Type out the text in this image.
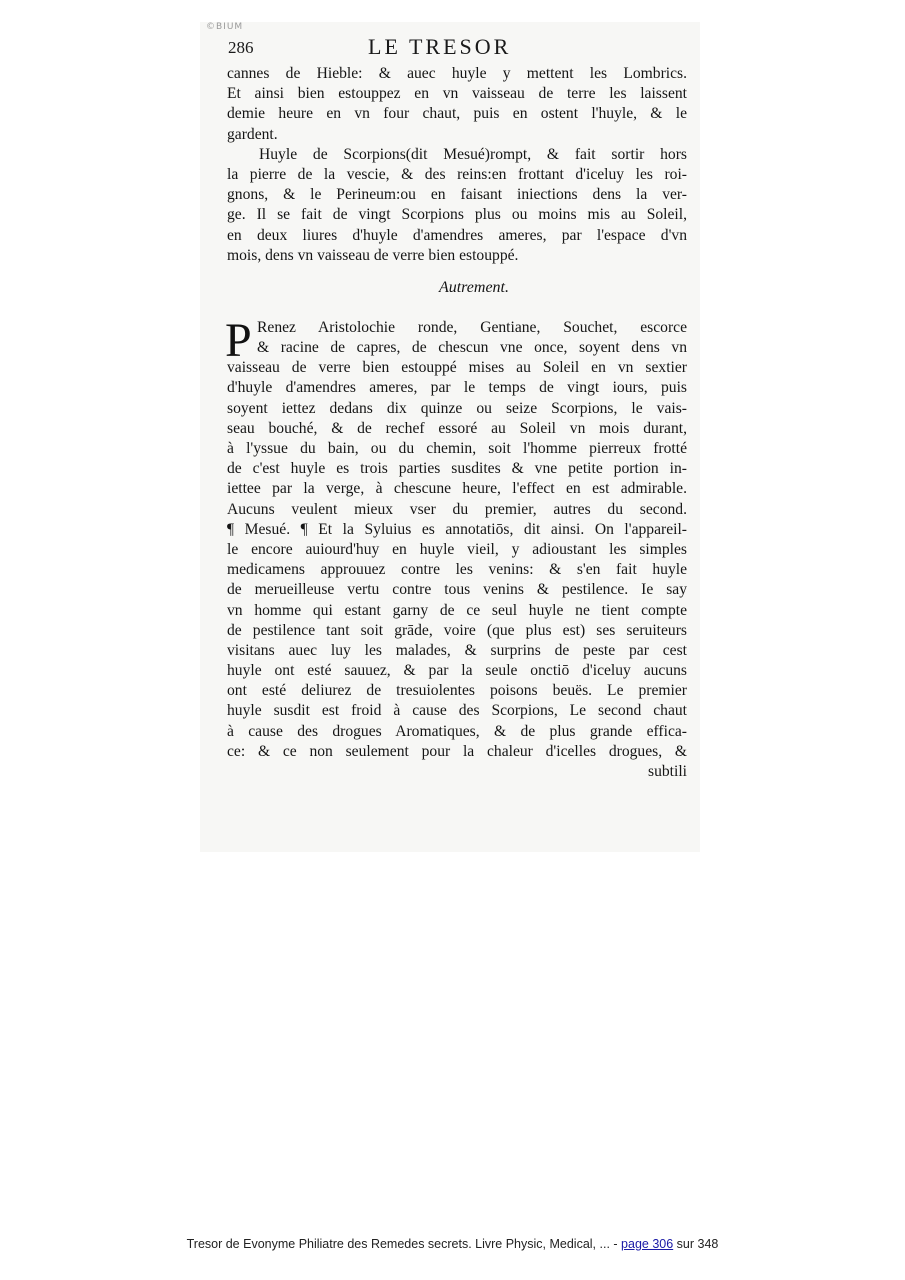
©BIUM
286	LE TRESOR
cannes de Hieble: & auec huyle y mettent les Lombrics.
Et ainsi bien estouppez en vn vaisseau de terre les laissent
demie heure en vn four chaut, puis en ostent l'huyle, & le
gardent.
Huyle de Scorpions(dit Mesué)rompt, & fait sortir hors
la pierre de la vescie, & des reins:en frottant d'iceluy les roi-
gnons, & le Perineum:ou en faisant iniections dens la ver-
ge. Il se fait de vingt Scorpions plus ou moins mis au Soleil,
en deux liures d'huyle d'amendres ameres, par l'espace d'vn
mois, dens vn vaisseau de verre bien estouppé.
Autrement.
P Renez Aristolochie ronde, Gentiane, Souchet, escorce
& racine de capres, de chescun vne once, soyent dens vn
vaisseau de verre bien estouppé mises au Soleil en vn sextier
d'huyle d'amendres ameres, par le temps de vingt iours, puis
soyent iettez dedans dix quinze ou seize Scorpions, le vais-
seau bouché, & de rechef essoré au Soleil vn mois durant,
à l'yssue du bain, ou du chemin, soit l'homme pierreux frotté
de c'est huyle es trois parties susdites & vne petite portion in-
iettee par la verge, à chescune heure, l'effect en est admirable.
Aucuns veulent mieux vser du premier, autres du second.
¶ Mesué. ¶ Et la Syluius es annotatiōs, dit ainsi. On l'appareil-
le encore auiourd'huy en huyle vieil, y adioustant les simples
medicamens approuuez contre les venins: & s'en fait huyle
de merueilleuse vertu contre tous venins & pestilence. Ie say
vn homme qui estant garny de ce seul huyle ne tient compte
de pestilence tant soit grāde, voire (que plus est) ses seruiteurs
visitans auec luy les malades, & surprins de peste par cest
huyle ont esté sauuez, & par la seule onctiō d'iceluy aucuns
ont esté deliurez de tresuiolentes poisons beuës. Le premier
huyle susdit est froid à cause des Scorpions, Le second chaut
à cause des drogues Aromatiques, & de plus grande effica-
ce: & ce non seulement pour la chaleur d'icelles drogues, &
subtili
Tresor de Evonyme Philiatre des Remedes secrets. Livre Physic, Medical, ... - page 306 sur 348
